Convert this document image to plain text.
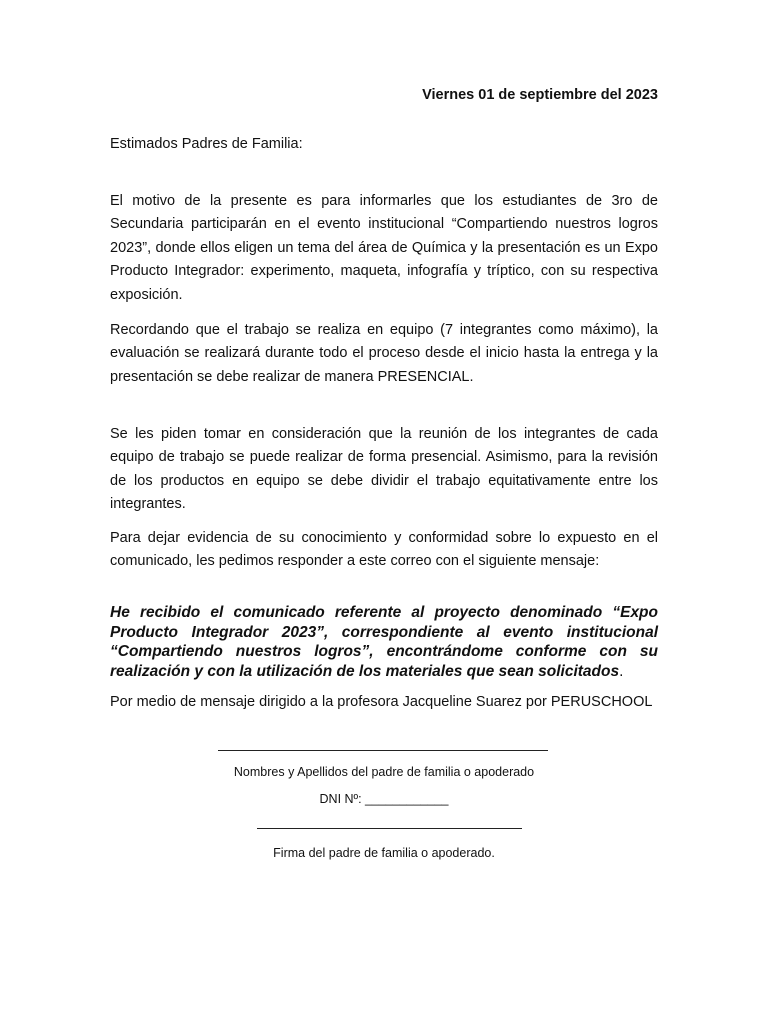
Viernes 01 de septiembre del 2023
Estimados Padres de Familia:
El motivo de la presente es para informarles que los estudiantes de 3ro de Secundaria participarán en el evento institucional “Compartiendo nuestros logros 2023”, donde ellos eligen un tema del área de Química y la presentación es un Expo Producto Integrador: experimento, maqueta, infografía y tríptico, con su respectiva exposición.
Recordando que el trabajo se realiza en equipo (7 integrantes como máximo), la evaluación se realizará durante todo el proceso desde el inicio hasta la entrega y la presentación se debe realizar de manera PRESENCIAL.
Se les piden tomar en consideración que la reunión de los integrantes de cada equipo de trabajo se puede realizar de forma presencial. Asimismo, para la revisión de los productos en equipo se debe dividir el trabajo equitativamente entre los integrantes.
Para dejar evidencia de su conocimiento y conformidad sobre lo expuesto en el comunicado, les pedimos responder a este correo con el siguiente mensaje:
He recibido el comunicado referente al proyecto denominado “Expo Producto Integrador 2023”, correspondiente al evento institucional “Compartiendo nuestros logros”, encontrándome conforme con su realización y con la utilización de los materiales que sean solicitados.
Por medio de mensaje dirigido a la profesora Jacqueline Suarez por PERUSCHOOL
Nombres y Apellidos del padre de familia o apoderado
DNI Nº: ____________
Firma del padre de familia o apoderado.
